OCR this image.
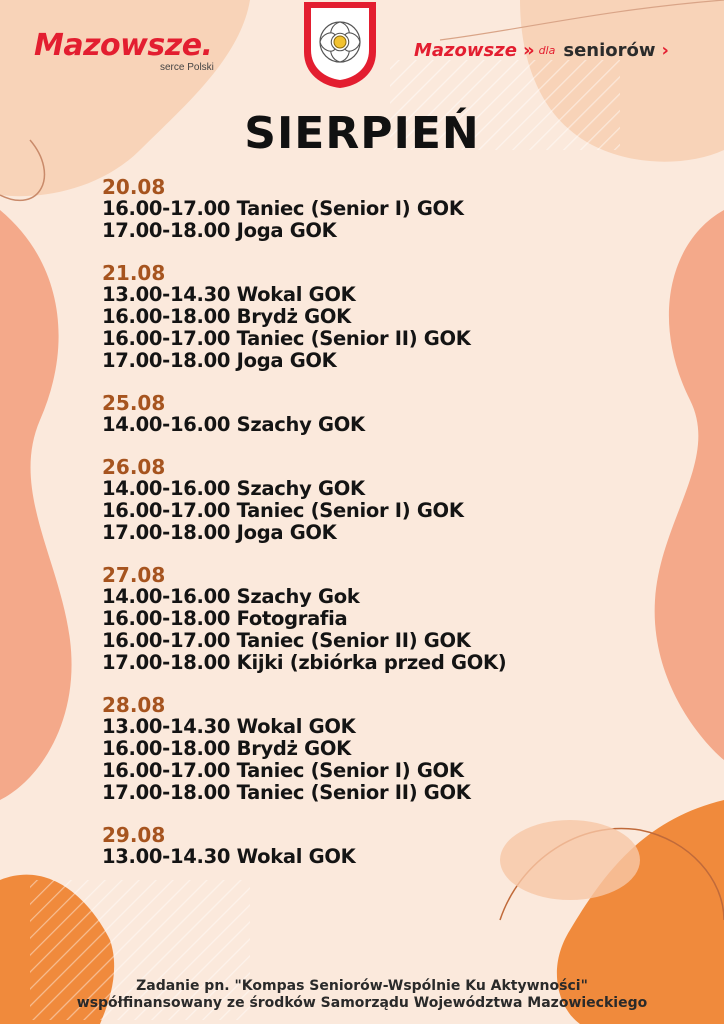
Mazowsze.
serce Polski
Mazowsze » dla seniorów ›
SIERPIEŃ
20.08
16.00-17.00 Taniec (Senior I) GOK
17.00-18.00 Joga GOK
21.08
13.00-14.30 Wokal GOK
16.00-18.00 Brydż GOK
16.00-17.00 Taniec (Senior II) GOK
17.00-18.00 Joga GOK
25.08
14.00-16.00 Szachy GOK
26.08
14.00-16.00 Szachy GOK
16.00-17.00 Taniec (Senior I) GOK
17.00-18.00 Joga GOK
27.08
14.00-16.00 Szachy Gok
16.00-18.00 Fotografia
16.00-17.00 Taniec (Senior II) GOK
17.00-18.00 Kijki (zbiórka przed GOK)
28.08
13.00-14.30 Wokal GOK
16.00-18.00 Brydż GOK
16.00-17.00 Taniec (Senior I) GOK
17.00-18.00 Taniec (Senior II) GOK
29.08
13.00-14.30 Wokal GOK
Zadanie pn. "Kompas Seniorów-Wspólnie Ku Aktywności"
współfinansowany ze środków Samorządu Województwa Mazowieckiego
